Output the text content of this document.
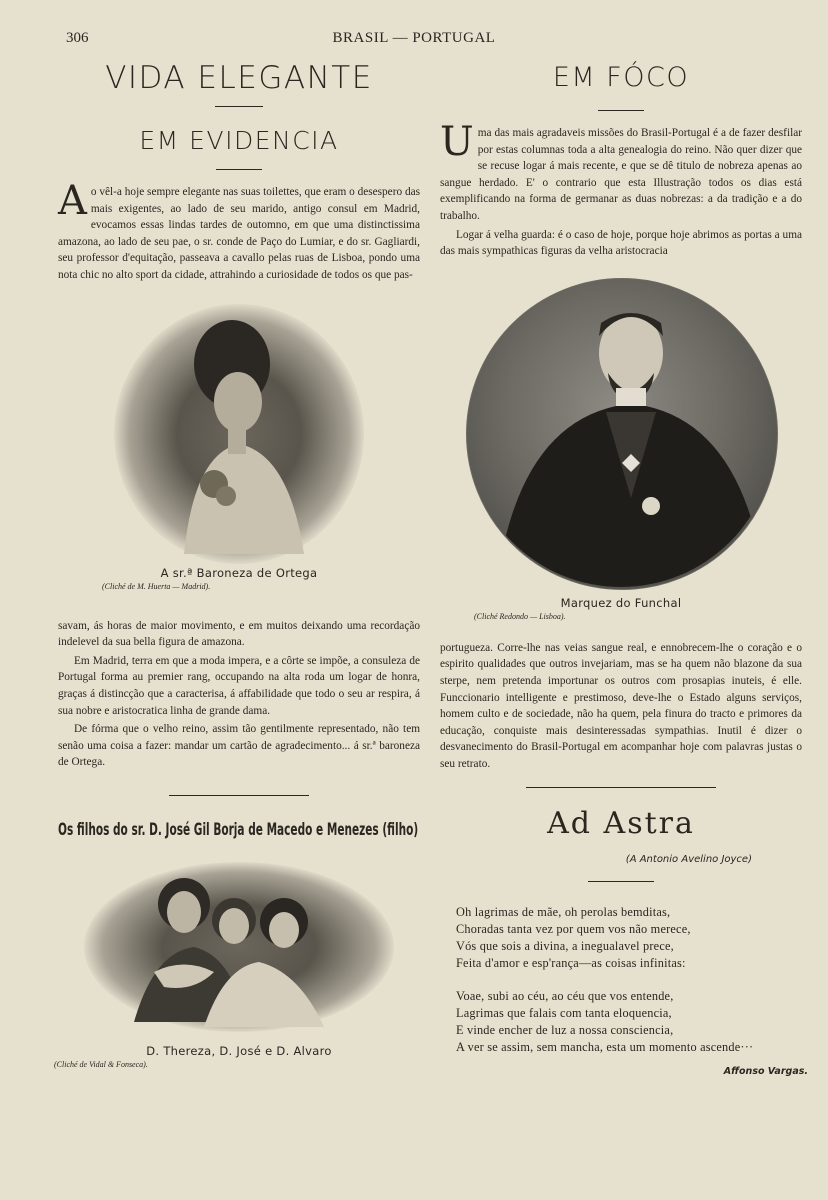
306	BRASIL — PORTUGAL
VIDA ELEGANTE
EM EVIDENCIA
A o vêl-a hoje sempre elegante nas suas toilettes, que eram o desespero das mais exigentes, ao lado de seu marido, antigo consul em Madrid, evocamos essas lindas tardes de outomno, em que uma distinctissima amazona, ao lado de seu pae, o sr. conde de Paço do Lumiar, e do sr. Gagliardi, seu professor d'equitação, passeava a cavallo pelas ruas de Lisboa, pondo uma nota chic no alto sport da cidade, attrahindo a curiosidade de todos os que pas-

A sr.ª Baroneza de Ortega
(Cliché de M. Huerta — Madrid).

savam, ás horas de maior movimento, e em muitos deixando uma recordação indelevel da sua bella figura de amazona.

Em Madrid, terra em que a moda impera, e a côrte se impõe, a consuleza de Portugal forma au premier rang, occupando na alta roda um logar de honra, graças á distincção que a caracterisa, á affabilidade que todo o seu ar respira, á sua nobre e aristocratica linha de grande dama.

De fórma que o velho reino, assim tão gentilmente representado, não tem senão uma coisa a fazer: mandar um cartão de agradecimento... á sr.ª baroneza de Ortega.

Os filhos do sr. D. José Gil Borja de Macedo e Menezes (filho)
D. Thereza, D. José e D. Alvaro
(Cliché de Vidal & Fonseca).
EM FÓCO
U ma das mais agradaveis missões do Brasil-Portugal é a de fazer desfilar por estas columnas toda a alta genealogia do reino. Não quer dizer que se recuse logar á mais recente, e que se dê titulo de nobreza apenas ao sangue herdado. E' o contrario que esta Illustração todos os dias está exemplificando na forma de germanar as duas nobrezas: a da tradição e a do trabalho.

Logar á velha guarda: é o caso de hoje, porque hoje abrimos as portas a uma das mais sympathicas figuras da velha aristocracia

Marquez do Funchal
(Cliché Redondo — Lisboa).

portugueza. Corre-lhe nas veias sangue real, e ennobrecem-lhe o coração e o espirito qualidades que outros invejariam, mas se ha quem não blazone da sua sterpe, nem pretenda importunar os outros com prosapias inuteis, é elle. Funccionario intelligente e prestimoso, deve-lhe o Estado alguns serviços, homem culto e de sociedade, não ha quem, pela finura do tracto e primores da educação, conquiste mais desinteressadas sympathias. Inutil é dizer o desvanecimento do Brasil-Portugal em acompanhar hoje com palavras justas o seu retrato.

Ad Astra
(A Antonio Avelino Joyce)

Oh lagrimas de mãe, oh perolas bemditas,

Choradas tanta vez por quem vos não merece,

Vós que sois a divina, a inegualavel prece,

Feita d'amor e esp'rança—as coisas infinitas:

Voae, subi ao céu, ao céu que vos entende,

Lagrimas que falais com tanta eloquencia,

E vinde encher de luz a nossa consciencia,

A ver se assim, sem mancha, esta um momento ascende···

Affonso Vargas.
